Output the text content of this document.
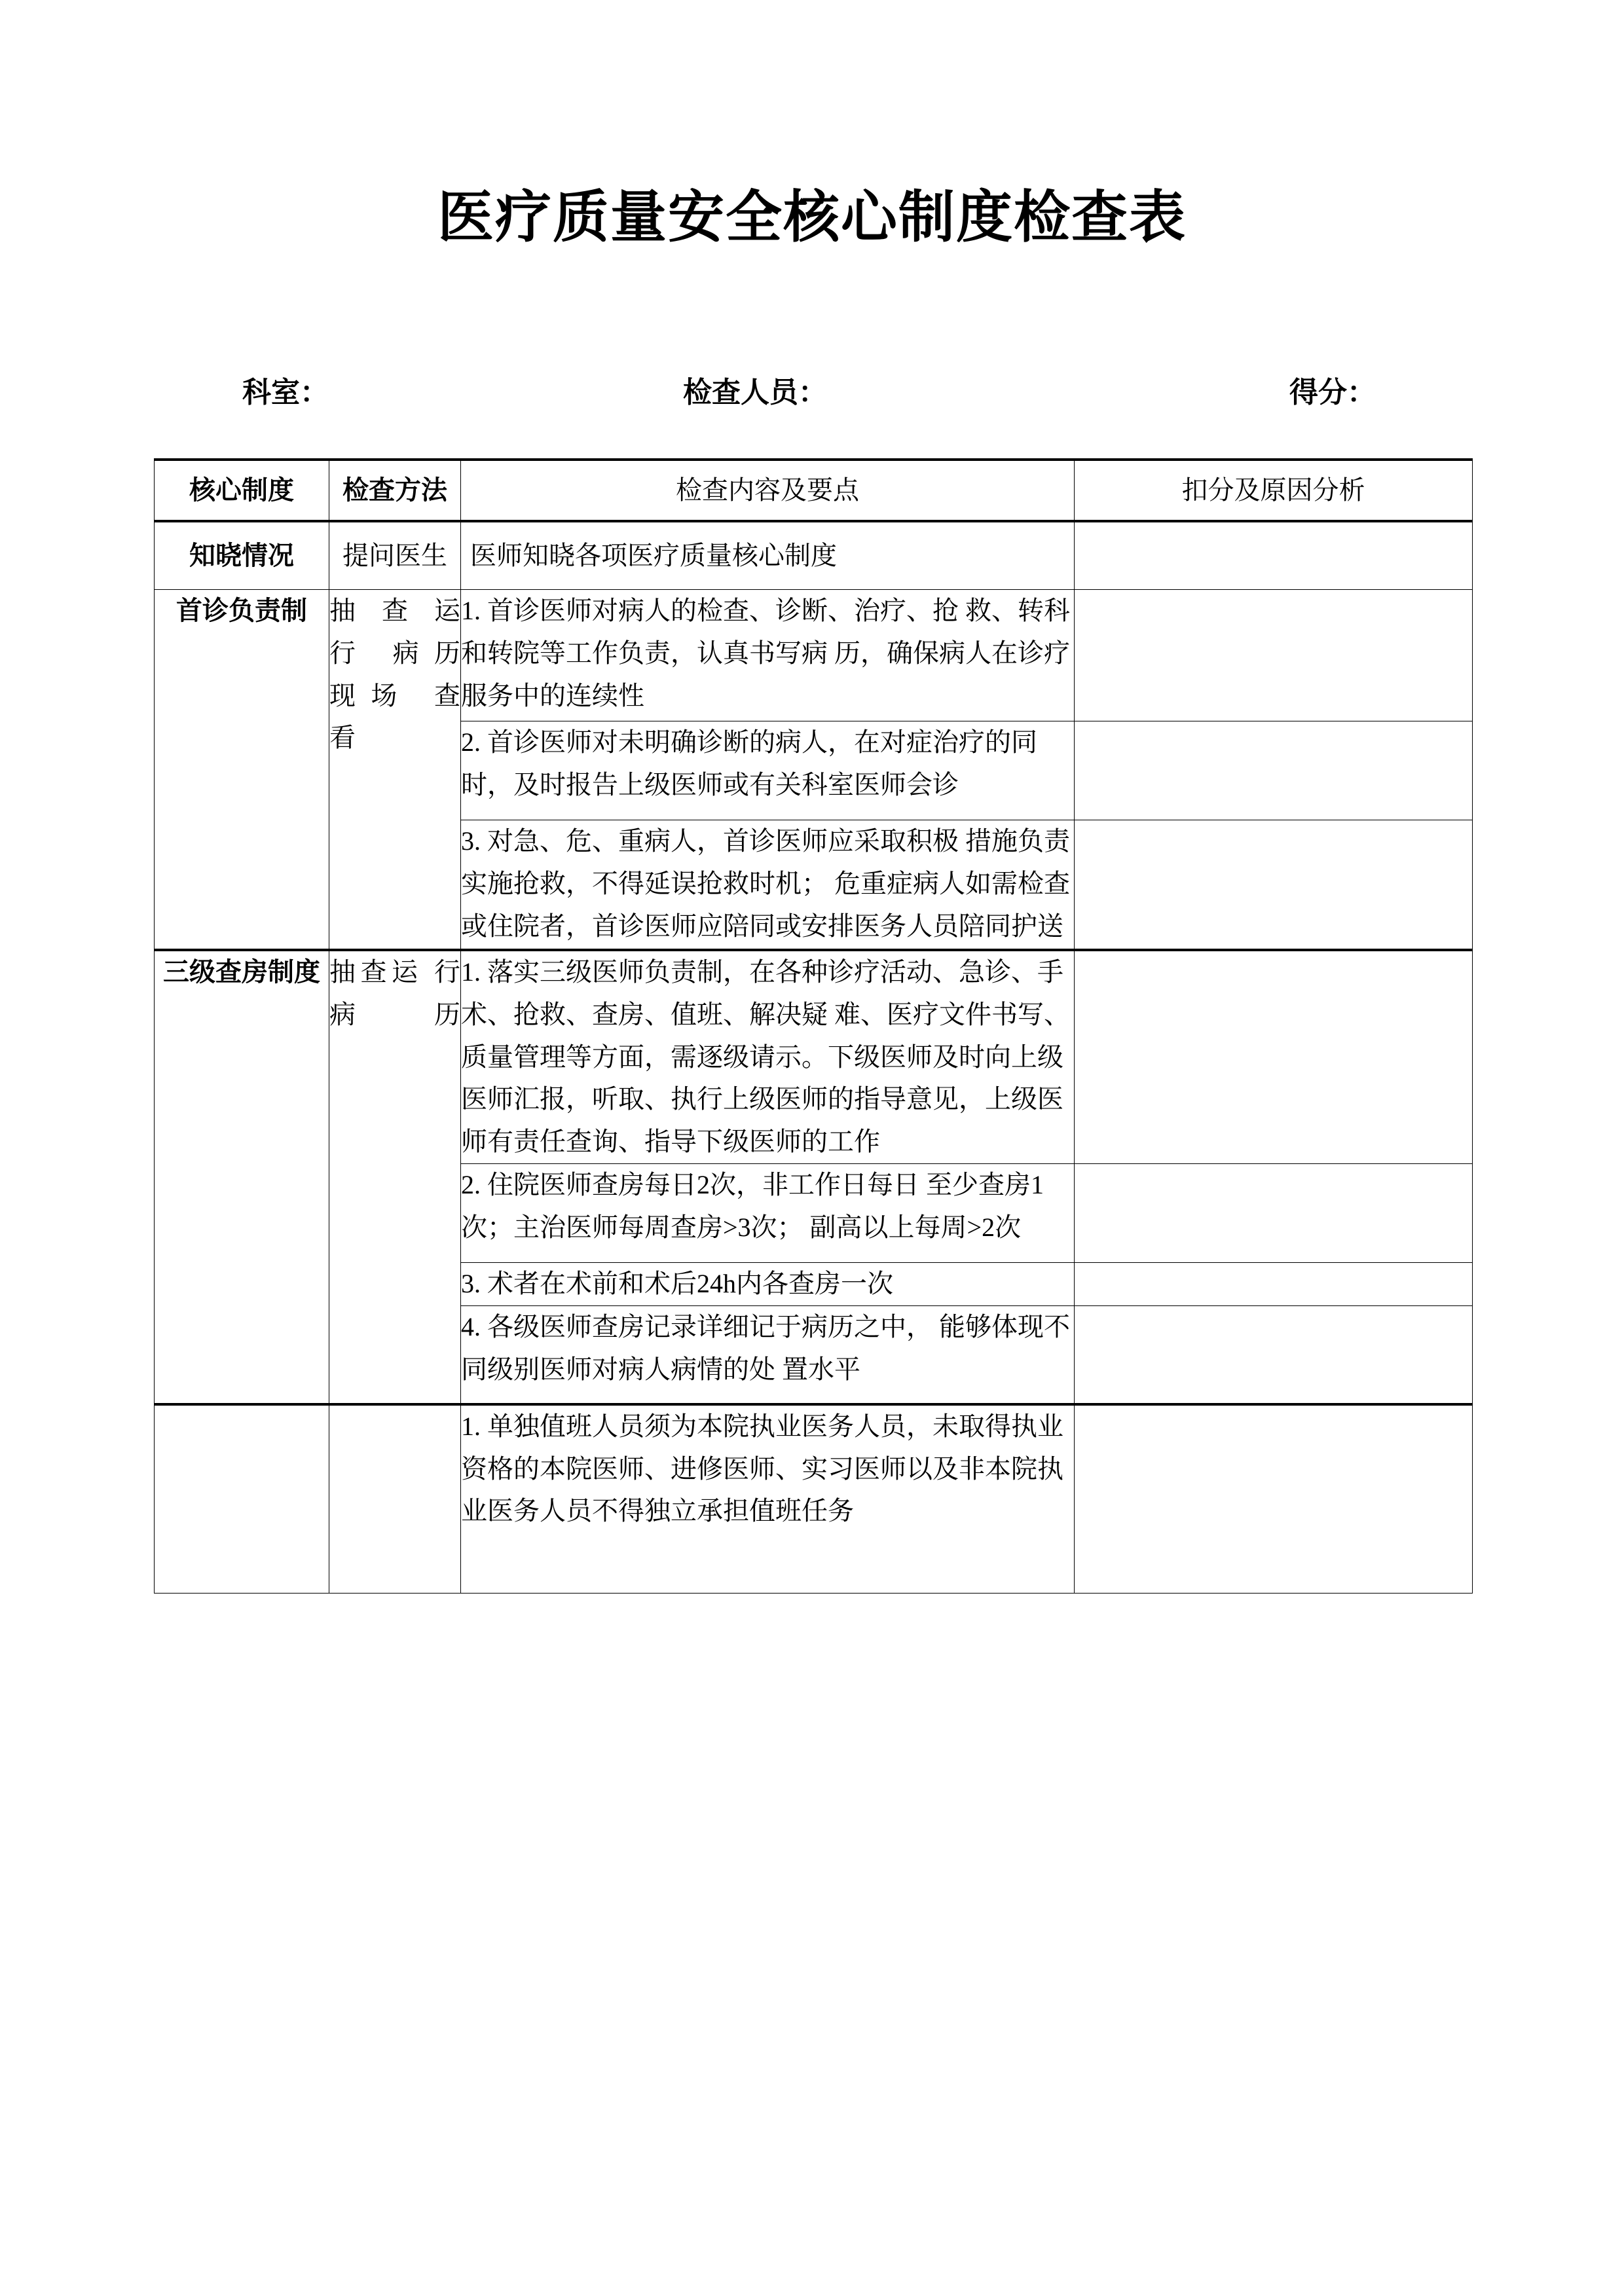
医疗质量安全核心制度检查表
科室：	检查人员：	得分：
核心制度	检查方法	检查内容及要点	扣分及原因分析
知晓情况	提问医生	医师知晓各项医疗质量核心制度	
首诊负责制	抽查运
行 病历
现场 查
看	1. 首诊医师对病人的检查、诊断、治疗、抢 救、转科和转院等工作负责，认真书写病 历，确保病人在诊疗服务中的连续性	
		2. 首诊医师对未明确诊断的病人，在对症治疗的同时，及时报告上级医师或有关科室医师会诊	
		3. 对急、危、重病人，首诊医师应采取积极 措施负责实施抢救，不得延误抢救时机； 危重症病人如需检查或住院者，首诊医师应陪同或安排医务人员陪同护送	
三级查房制度	抽查运 行 病历	1. 落实三级医师负责制，在各种诊疗活动、急诊、手术、抢救、查房、值班、解决疑 难、医疗文件书写、质量管理等方面，需逐级请示。下级医师及时向上级医师汇报，听取、执行上级医师的指导意见，上级医师有责任查询、指导下级医师的工作	
		2. 住院医师查房每日2次，非工作日每日 至少查房1次；主治医师每周查房>3次； 副高以上每周>2次	
		3. 术者在术前和术后24h内各查房一次	
		4. 各级医师查房记录详细记于病历之中， 能够体现不同级别医师对病人病情的处 置水平	
		1. 单独值班人员须为本院执业医务人员，未取得执业资格的本院医师、进修医师、实习医师以及非本院执业医务人员不得独立承担值班任务	
